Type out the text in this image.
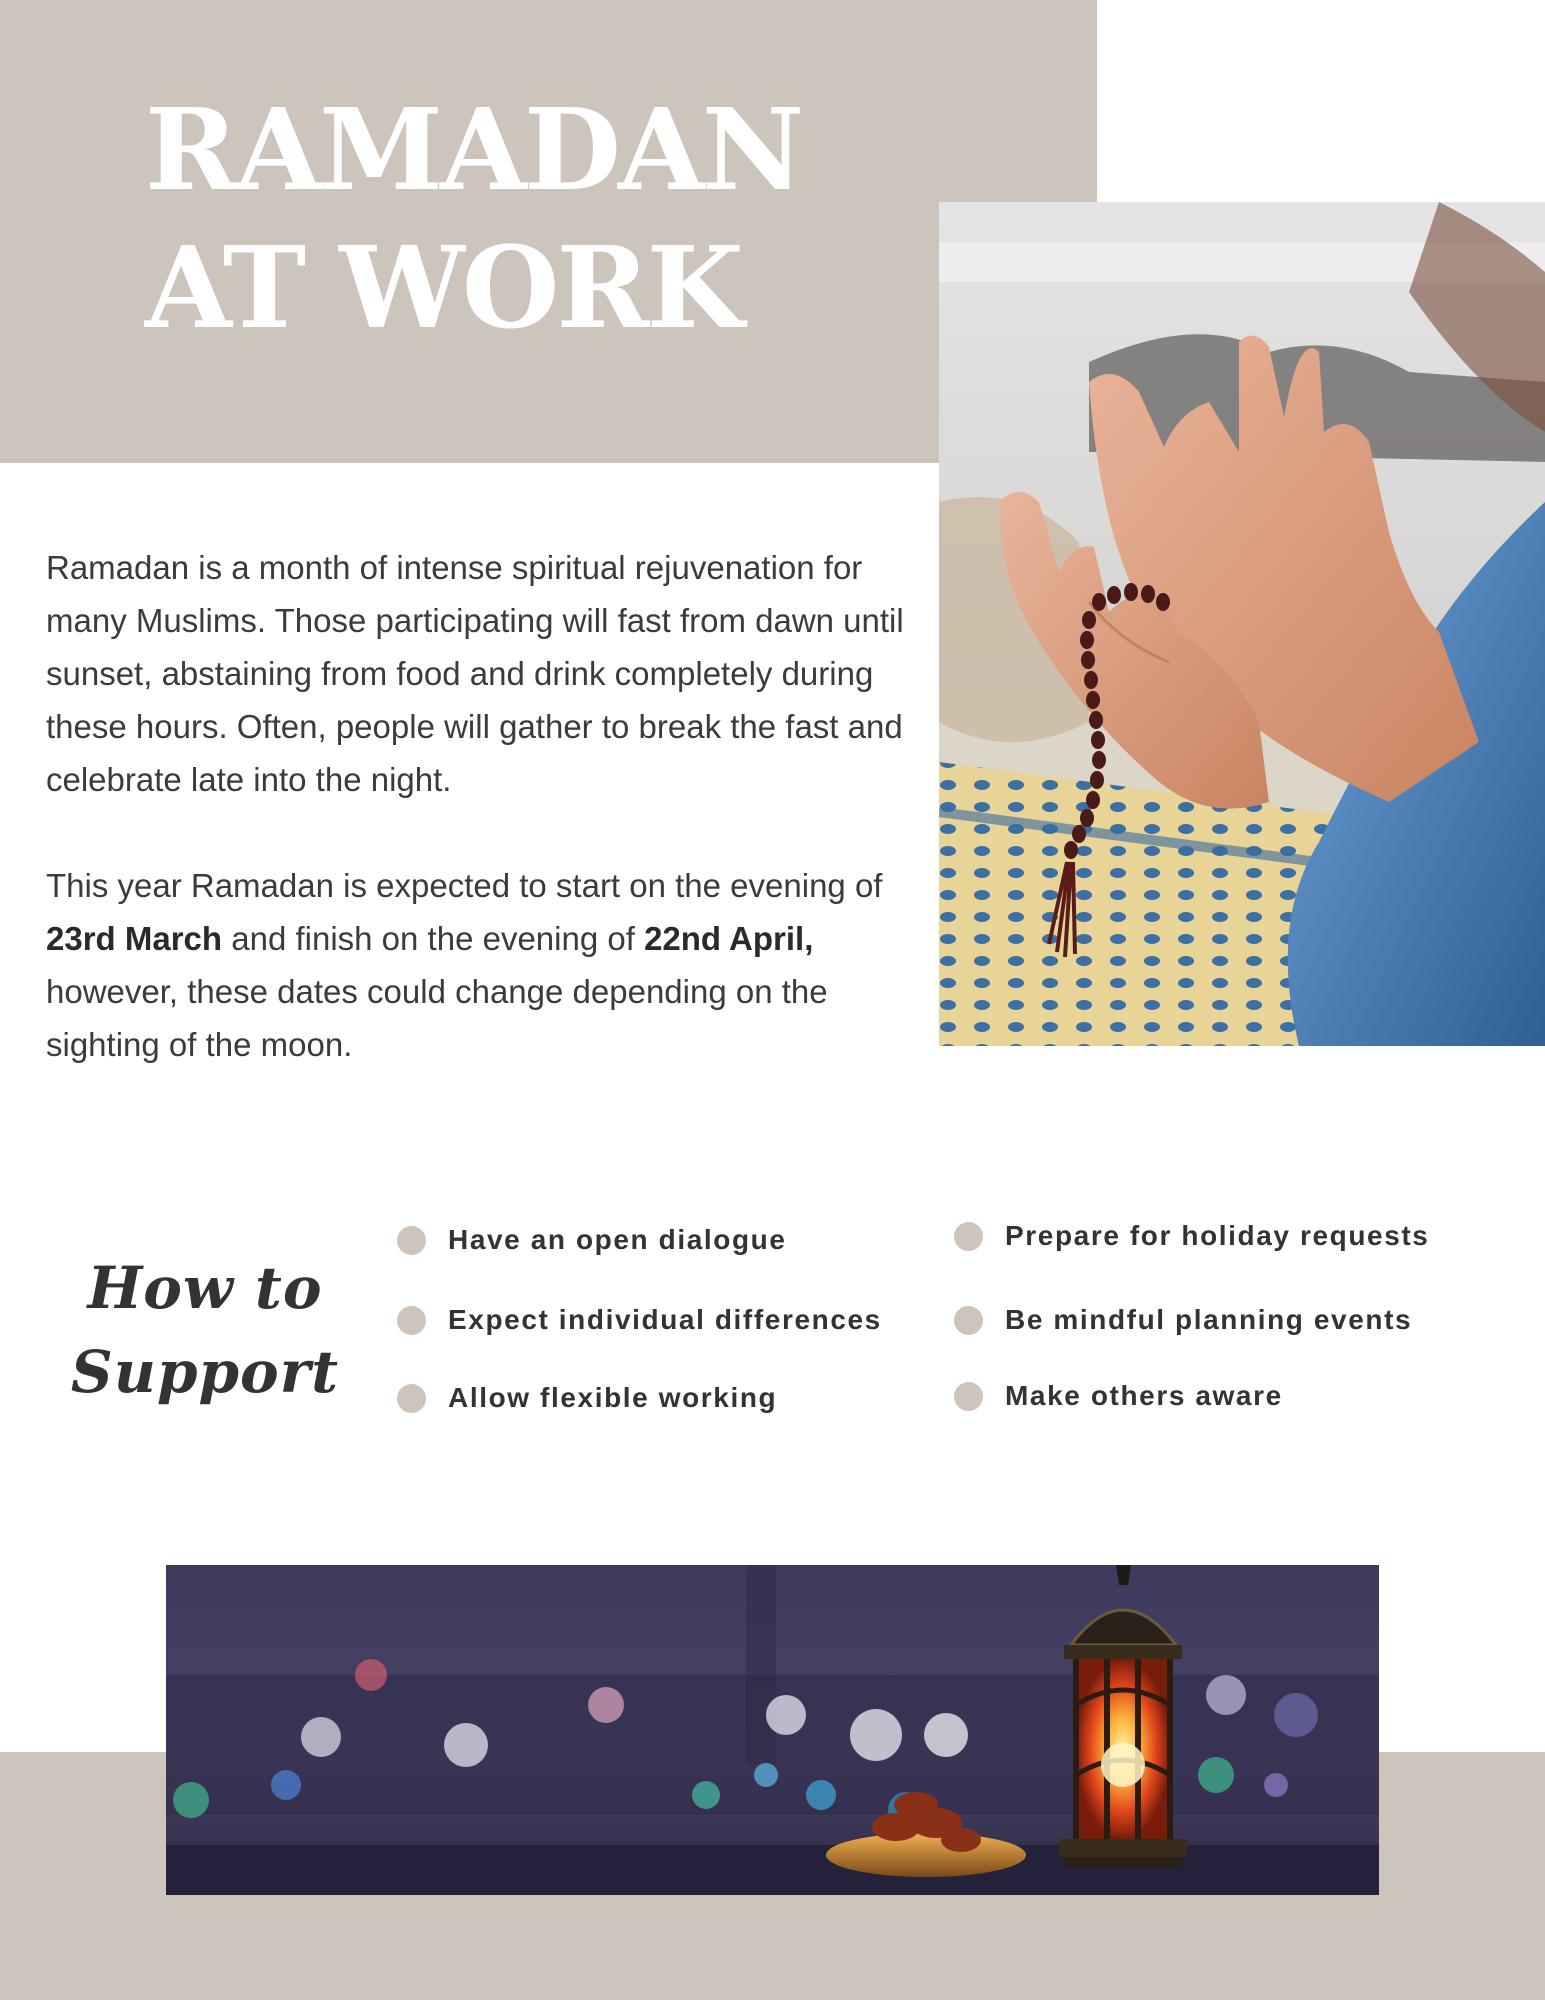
RAMADAN
AT WORK

Ramadan is a month of intense spiritual rejuvenation for many Muslims. Those participating will fast from dawn until sunset, abstaining from food and drink completely during these hours. Often, people will gather to break the fast and celebrate late into the night.

This year Ramadan is expected to start on the evening of 23rd March and finish on the evening of 22nd April, however, these dates could change depending on the sighting of the moon.

How to
Support
Have an open dialogue
Expect individual differences
Allow flexible working
Prepare for holiday requests
Be mindful planning events
Make others aware
